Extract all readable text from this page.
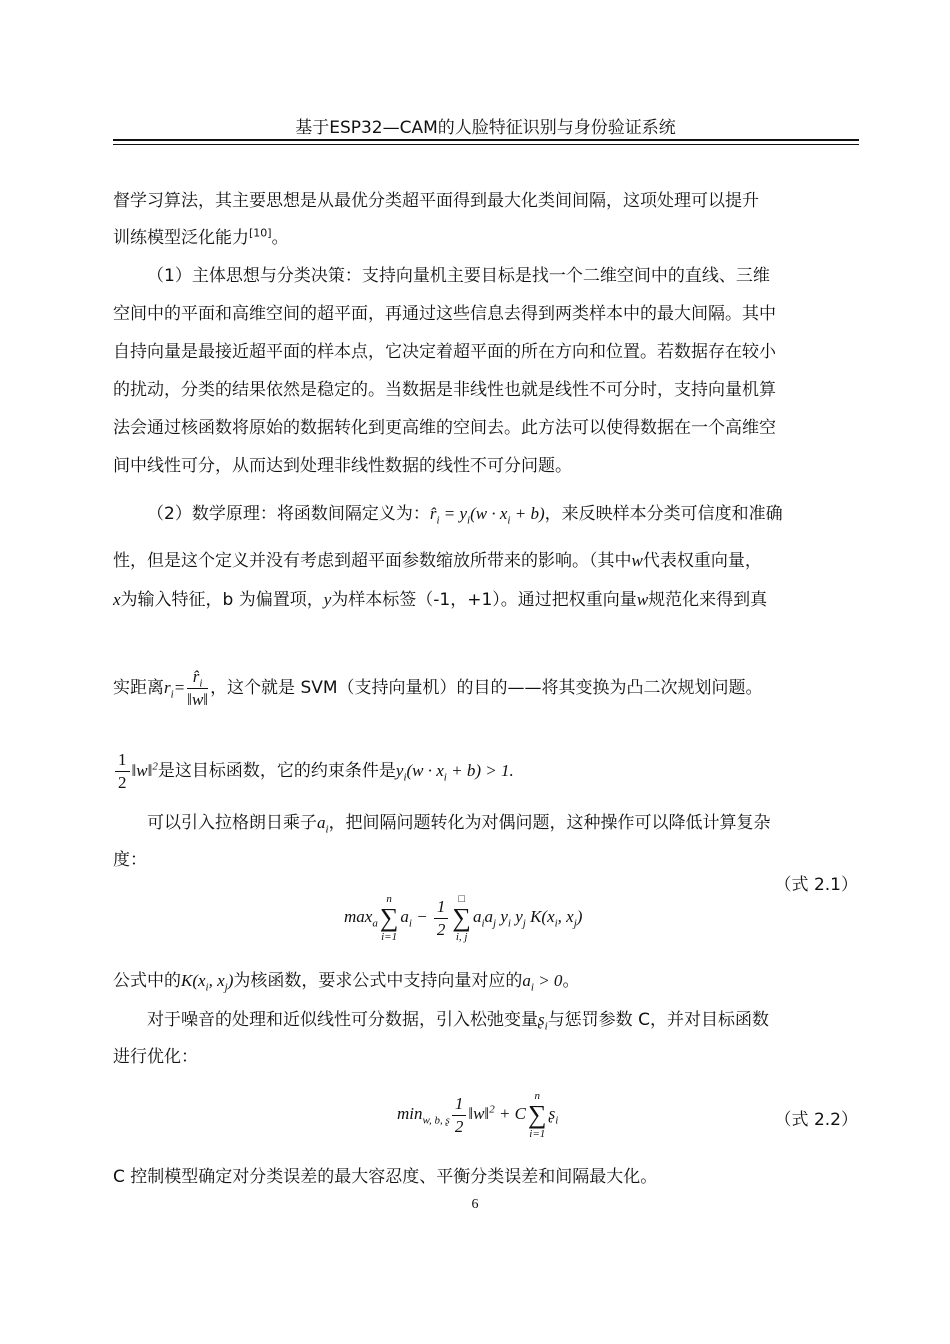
基于ESP32—CAM的人脸特征识别与身份验证系统
督学习算法，其主要思想是从最优分类超平面得到最大化类间间隔，这项处理可以提升
训练模型泛化能力[10]。
（1）主体思想与分类决策：支持向量机主要目标是找一个二维空间中的直线、三维
空间中的平面和高维空间的超平面，再通过这些信息去得到两类样本中的最大间隔。其中
自持向量是最接近超平面的样本点，它决定着超平面的所在方向和位置。若数据存在较小
的扰动，分类的结果依然是稳定的。当数据是非线性也就是线性不可分时，支持向量机算
法会通过核函数将原始的数据转化到更高维的空间去。此方法可以使得数据在一个高维空
间中线性可分，从而达到处理非线性数据的线性不可分问题。
（2）数学原理：将函数间隔定义为：$r̂_i = y_i(w \cdot x_i + b)$，来反映样本分类可信度和准确
性，但是这个定义并没有考虑到超平面参数缩放所带来的影响。（其中w代表权重向量，
x为输入特征，b 为偏置项，y为样本标签（-1，+1）。通过把权重向量w规范化来得到真
实距离$r_i= \frac{r̂_i}{‖w‖}$ ，这个就是 SVM（支持向量机）的目的——将其变换为凸二次规划问题。
$\frac{1}{2}$ ‖w‖$^2$是这目标函数，它的约束条件是$y_i(w \cdot x_i + b) > 1$.
可以引入拉格朗日乘子$a_i$，把间隔问题转化为对偶问题，这种操作可以降低计算复杂
度：
（式 2.1）
$\max_a$
n
∑
i=1
$a_i - \frac{1}{2}$ □
∑
i, j
$a_ia_j$ $y_i$ $y_j$ $K(x_i$, $x_j$)
公式中的$K(x_i$, $x_j$)为核函数，要求公式中支持向量对应的$a_i > 0$。
对于噪音的处理和近似线性可分数据，引入松弛变量ʂ$_i$与惩罚参数 C，并对目标函数
进行优化：
$\min_{w, b, ʂ} \frac{1}{2}$ ‖w‖$^2$ + C
n
∑
i=1
ʂ$_i$	（式 2.2）
C 控制模型确定对分类误差的最大容忍度、平衡分类误差和间隔最大化。
6
